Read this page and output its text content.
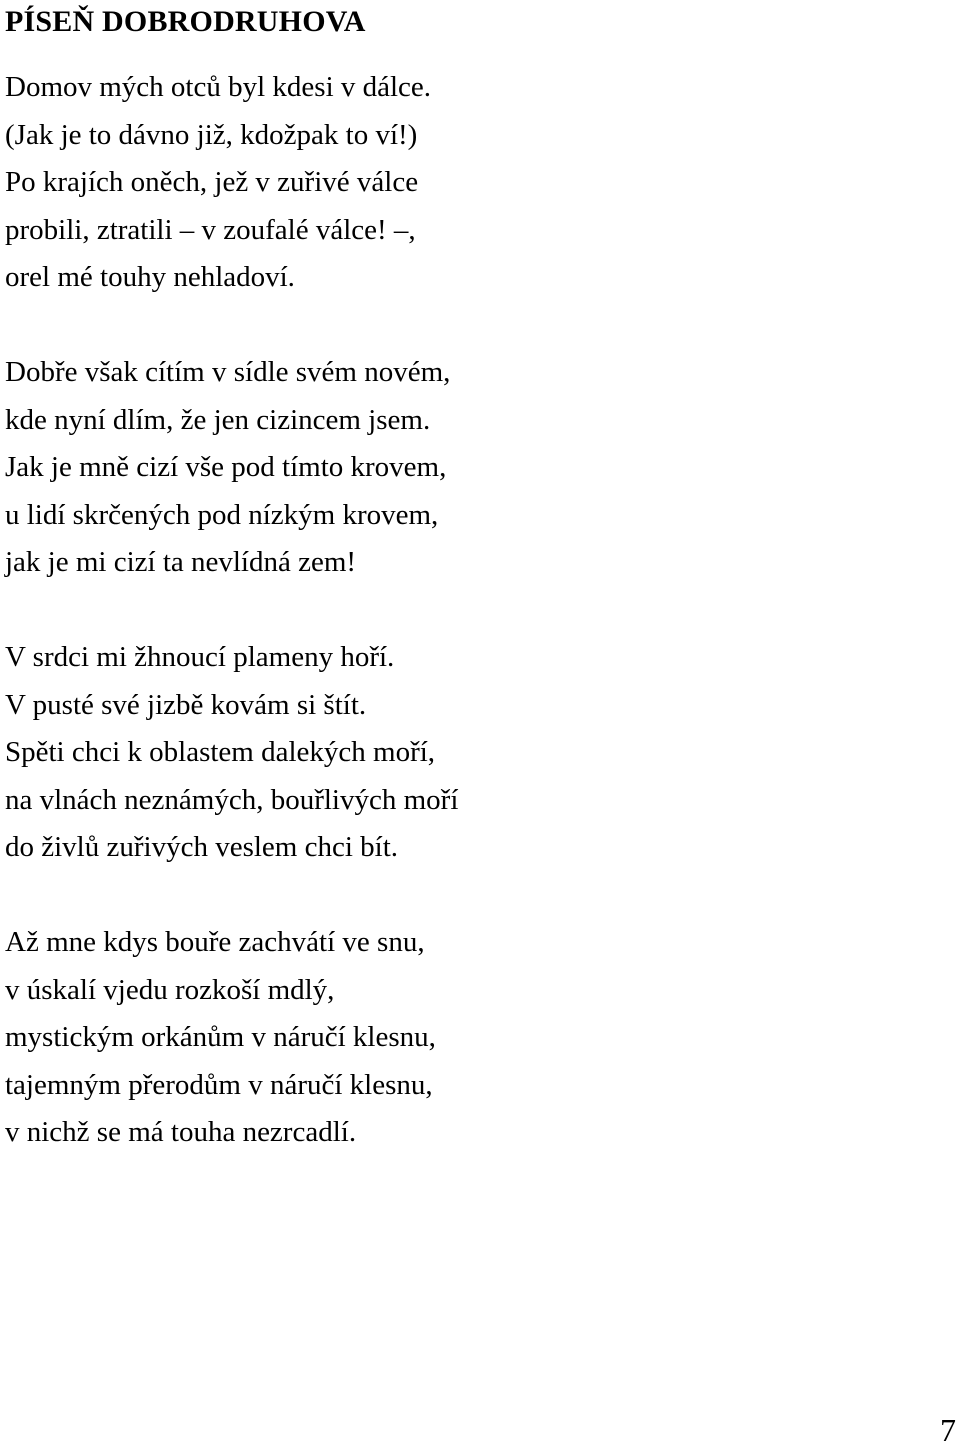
PÍSEŇ DOBRODRUHOVA
Domov mých otců byl kdesi v dálce.
(Jak je to dávno již, kdožpak to ví!)
Po krajích oněch, jež v zuřivé válce
probili, ztratili – v zoufalé válce! –,
orel mé touhy nehladoví.
Dobře však cítím v sídle svém novém,
kde nyní dlím, že jen cizincem jsem.
Jak je mně cizí vše pod tímto krovem,
u lidí skrčených pod nízkým krovem,
jak je mi cizí ta nevlídná zem!
V srdci mi žhnoucí plameny hoří.
V pusté své jizbě kovám si štít.
Spěti chci k oblastem dalekých moří,
na vlnách neznámých, bouřlivých moří
do živlů zuřivých veslem chci bít.
Až mne kdys bouře zachvátí ve snu,
v úskalí vjedu rozkoší mdlý,
mystickým orkánům v náručí klesnu,
tajemným přerodům v náručí klesnu,
v nichž se má touha nezrcadlí.

7
